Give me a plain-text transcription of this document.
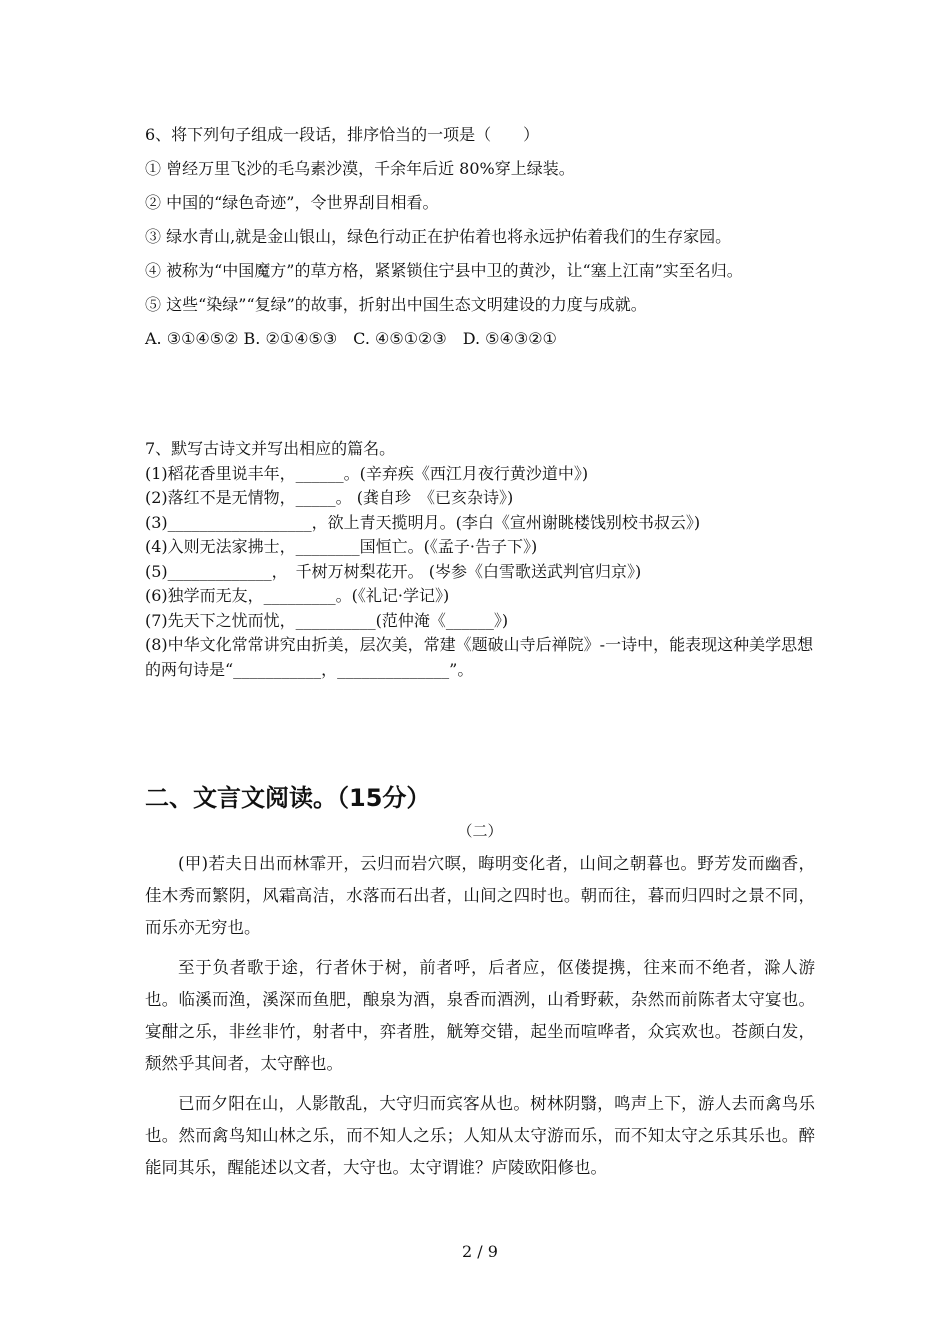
6、将下列句子组成一段话，排序恰当的一项是（　　）
① 曾经万里飞沙的毛乌素沙漠，千余年后近 80%穿上绿装。
② 中国的“绿色奇迹”，令世界刮目相看。
③ 绿水青山,就是金山银山，绿色行动正在护佑着也将永远护佑着我们的生存家园。
④ 被称为“中国魔方”的草方格，紧紧锁住宁县中卫的黄沙，让“塞上江南”实至名归。
⑤ 这些“染绿”“复绿”的故事，折射出中国生态文明建设的力度与成就。
A. ③①④⑤② B. ②①④⑤③　C. ④⑤①②③　D. ⑤④③②①
7、默写古诗文并写出相应的篇名。
(1)稻花香里说丰年，______。(辛弃疾《西江月夜行黄沙道中》)
(2)落红不是无情物，_____。 (龚自珍　《已亥杂诗》)
(3)__________________，欲上青天揽明月。(李白《宣州谢眺楼饯别校书叔云》)
(4)入则无法家拂士，________国恒亡。(《孟子·告子下》)
(5)_____________，　千树万树梨花开。 (岑参《白雪歌送武判官归京》)
(6)独学而无友，_________。(《礼记·学记》)
(7)先天下之忧而忧，__________(范仲淹《______》)
(8)中华文化常常讲究由折美，层次美，常建《题破山寺后禅院》-一诗中，能表现这种美学思想的两句诗是“___________，______________”。
二、文言文阅读。（15分）
（二）

(甲)若夫日出而林霏开，云归而岩穴暝，晦明变化者，山间之朝暮也。野芳发而幽香，佳木秀而繁阴，风霜高洁，水落而石出者，山间之四时也。朝而往，暮而归四时之景不同，而乐亦无穷也。

至于负者歌于途，行者休于树，前者呼，后者应，伛偻提携，往来而不绝者，滁人游也。临溪而渔，溪深而鱼肥，酿泉为酒，泉香而酒洌，山肴野蔌，杂然而前陈者太守宴也。宴酣之乐，非丝非竹，射者中，弈者胜，觥筹交错，起坐而喧哗者，众宾欢也。苍颜白发，颓然乎其间者，太守醉也。

已而夕阳在山，人影散乱，大守归而宾客从也。树林阴翳，鸣声上下，游人去而禽鸟乐也。然而禽鸟知山林之乐，而不知人之乐；人知从太守游而乐，而不知太守之乐其乐也。醉能同其乐，醒能述以文者，大守也。太守谓谁？庐陵欧阳修也。

2 / 9
